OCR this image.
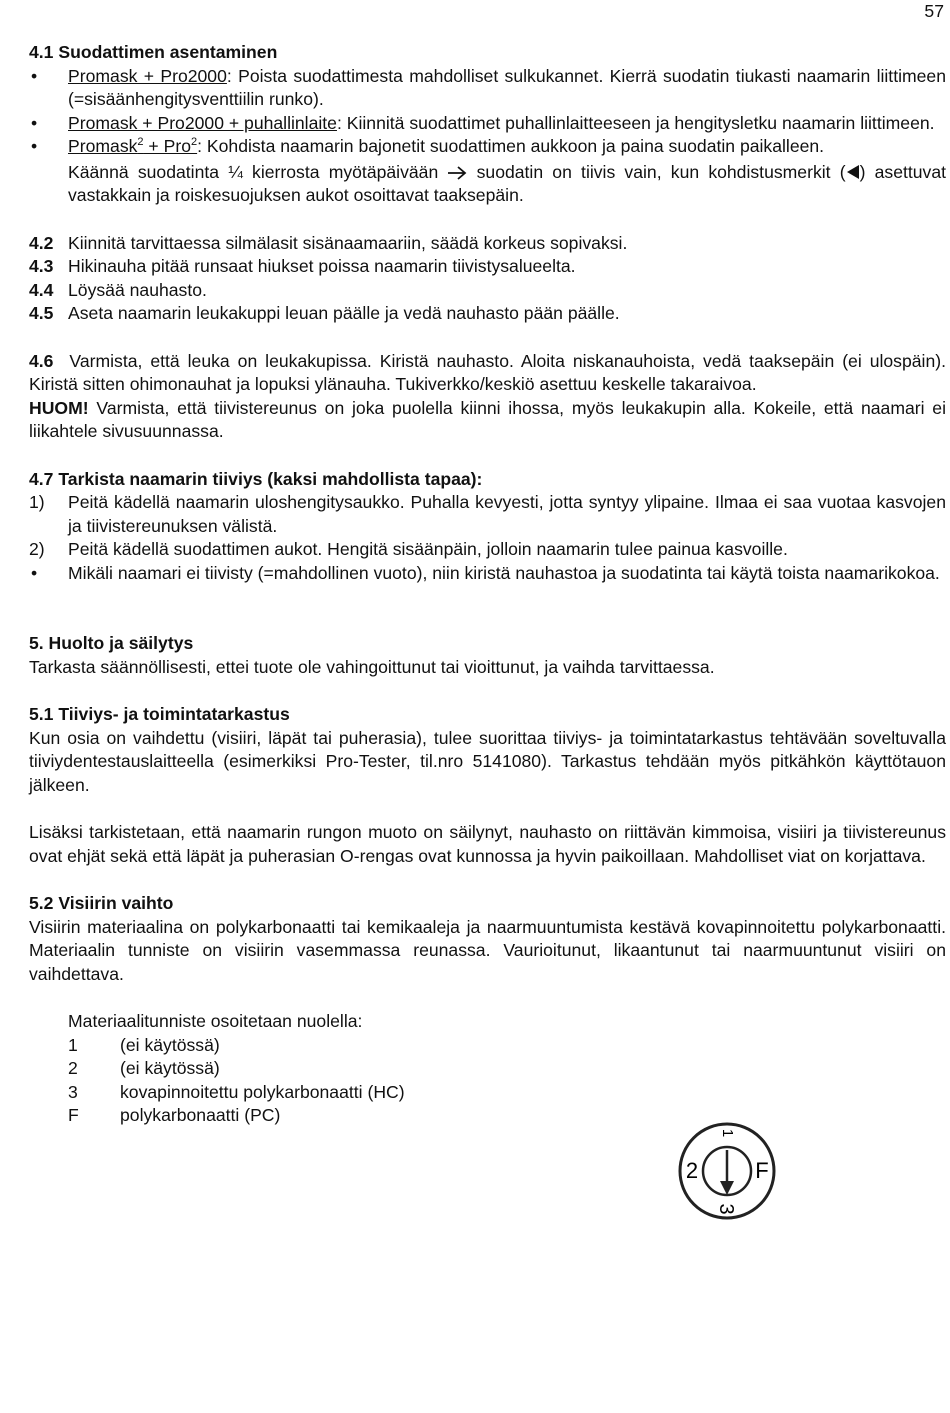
57

4.1 Suodattimen asentaminen

• Promask + Pro2000: Poista suodattimesta mahdolliset sulkukannet. Kierrä suodatin tiukasti naamarin liittimeen (=sisäänhengitysventtiilin runko).
• Promask + Pro2000 + puhallinlaite: Kiinnitä suodattimet puhallinlaitteeseen ja hengitysletku naamarin liittimeen.
• Promask$^2$ + Pro$^2$: Kohdista naamarin bajonetit suodattimen aukkoon ja paina suodatin paikalleen.
Käännä suodatinta ¼ kierrosta myötäpäivään suodatin on tiivis vain, kun kohdistusmerkit ( ) asettuvat vastakkain ja roiskesuojuksen aukot osoittavat taaksepäin.
4.2 Kiinnitä tarvittaessa silmälasit sisänaamaariin, säädä korkeus sopivaksi.
4.3 Hikinauha pitää runsaat hiukset poissa naamarin tiivistysalueelta.
4.4 Löysää nauhasto.
4.5 Aseta naamarin leukakuppi leuan päälle ja vedä nauhasto pään päälle.

4.6 Varmista, että leuka on leukakupissa. Kiristä nauhasto. Aloita niskanauhoista, vedä taaksepäin (ei ulospäin). Kiristä sitten ohimonauhat ja lopuksi ylänauha. Tukiverkko/keskiö asettuu keskelle takaraivoa.

HUOM! Varmista, että tiivistereunus on joka puolella kiinni ihossa, myös leukakupin alla. Kokeile, että naamari ei liikahtele sivusuunnassa.

4.7 Tarkista naamarin tiiviys (kaksi mahdollista tapaa):

1) Peitä kädellä naamarin uloshengitysaukko. Puhalla kevyesti, jotta syntyy ylipaine. Ilmaa ei saa vuotaa kasvojen ja tiivistereunuksen välistä.
2) Peitä kädellä suodattimen aukot. Hengitä sisäänpäin, jolloin naamarin tulee painua kasvoille.
• Mikäli naamari ei tiivisty (=mahdollinen vuoto), niin kiristä nauhastoa ja suodatinta tai käytä toista naamarikokoa.

5. Huolto ja säilytys

Tarkasta säännöllisesti, ettei tuote ole vahingoittunut tai vioittunut, ja vaihda tarvittaessa.

5.1 Tiiviys- ja toimintatarkastus

Kun osia on vaihdettu (visiiri, läpät tai puherasia), tulee suorittaa tiiviys- ja toimintatarkastus tehtävään soveltuvalla tiiviydentestauslaitteella (esimerkiksi Pro-Tester, til.nro 5141080). Tarkastus tehdään myös pitkähkön käyttötauon jälkeen.

Lisäksi tarkistetaan, että naamarin rungon muoto on säilynyt, nauhasto on riittävän kimmoisa, visiiri ja tiivistereunus ovat ehjät sekä että läpät ja puherasian O-rengas ovat kunnossa ja hyvin paikoillaan. Mahdolliset viat on korjattava.

5.2 Visiirin vaihto

Visiirin materiaalina on polykarbonaatti tai kemikaaleja ja naarmuuntumista kestävä kovapinnoitettu polykarbonaatti. Materiaalin tunniste on visiirin vasemmassa reunassa. Vaurioitunut, likaantunut tai naarmuuntunut visiiri on vaihdettava.

Materiaalitunniste osoitetaan nuolella:

1 (ei käytössä)
2 (ei käytössä)
3 kovapinnoitettu polykarbonaatti (HC)
F polykarbonaatti (PC)
1
2	F
3
